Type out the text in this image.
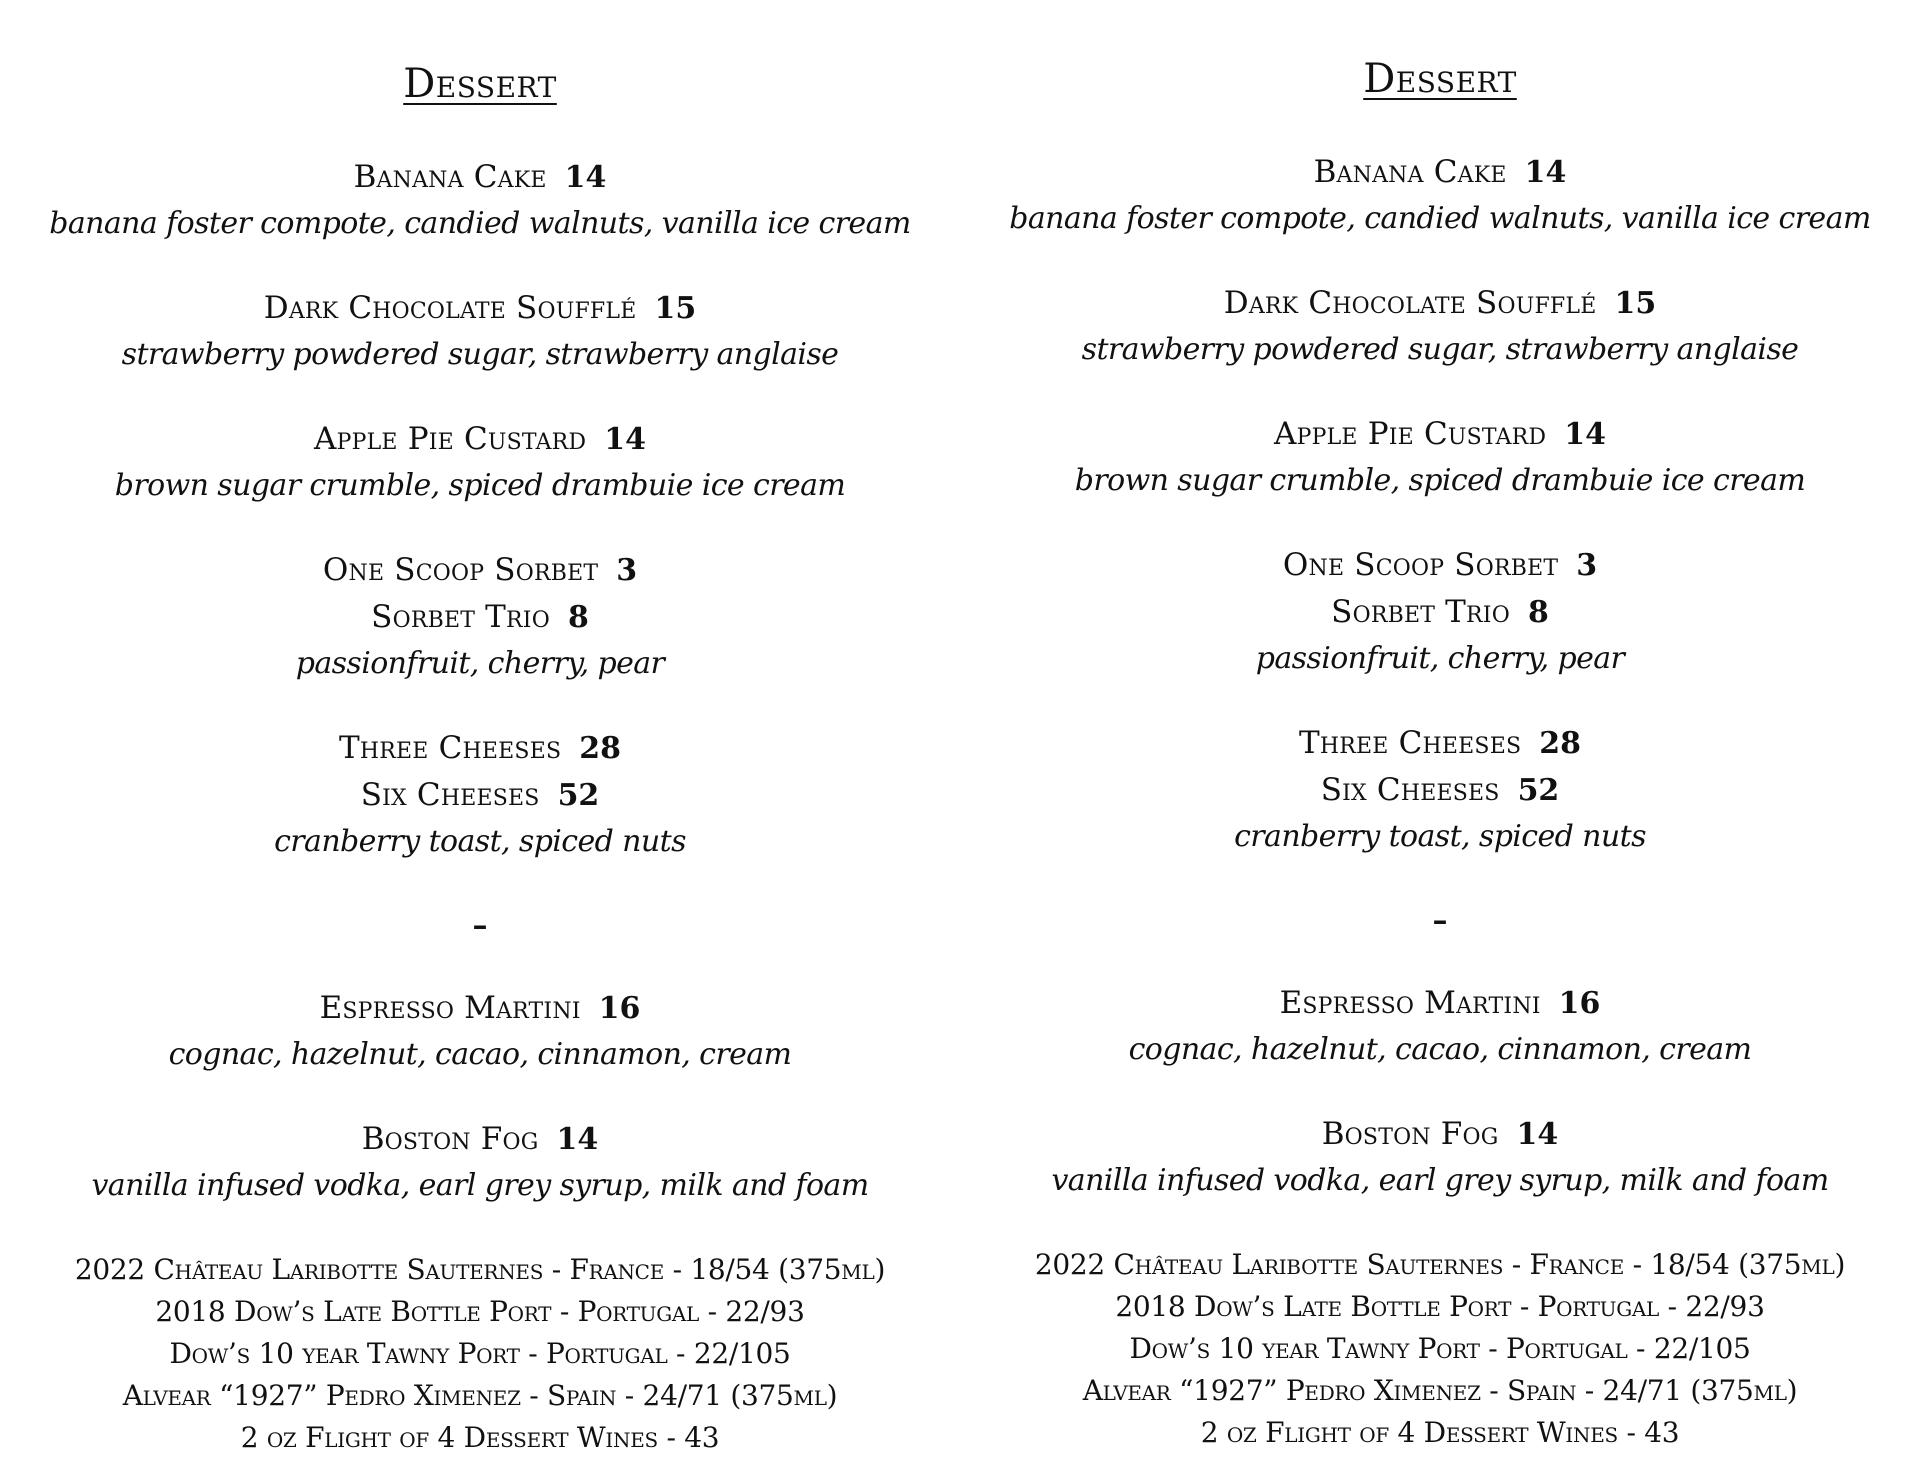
Dessert
Banana Cake 14
banana foster compote, candied walnuts, vanilla ice cream
Dark Chocolate Soufflé 15
strawberry powdered sugar, strawberry anglaise
Apple Pie Custard 14
brown sugar crumble, spiced drambuie ice cream
One Scoop Sorbet 3
Sorbet Trio 8
passionfruit, cherry, pear
Three Cheeses 28
Six Cheeses 52
cranberry toast, spiced nuts
–
Espresso Martini 16
cognac, hazelnut, cacao, cinnamon, cream
Boston Fog 14
vanilla infused vodka, earl grey syrup, milk and foam
2022 Château Laribotte Sauternes - France - 18/54 (375ml)
2018 Dow’s Late Bottle Port - Portugal - 22/93
Dow’s 10 year Tawny Port - Portugal - 22/105
Alvear “1927” Pedro Ximenez - Spain - 24/71 (375ml)
2 oz Flight of 4 Dessert Wines - 43
Dessert
Banana Cake 14
banana foster compote, candied walnuts, vanilla ice cream
Dark Chocolate Soufflé 15
strawberry powdered sugar, strawberry anglaise
Apple Pie Custard 14
brown sugar crumble, spiced drambuie ice cream
One Scoop Sorbet 3
Sorbet Trio 8
passionfruit, cherry, pear
Three Cheeses 28
Six Cheeses 52
cranberry toast, spiced nuts
–
Espresso Martini 16
cognac, hazelnut, cacao, cinnamon, cream
Boston Fog 14
vanilla infused vodka, earl grey syrup, milk and foam
2022 Château Laribotte Sauternes - France - 18/54 (375ml)
2018 Dow’s Late Bottle Port - Portugal - 22/93
Dow’s 10 year Tawny Port - Portugal - 22/105
Alvear “1927” Pedro Ximenez - Spain - 24/71 (375ml)
2 oz Flight of 4 Dessert Wines - 43
